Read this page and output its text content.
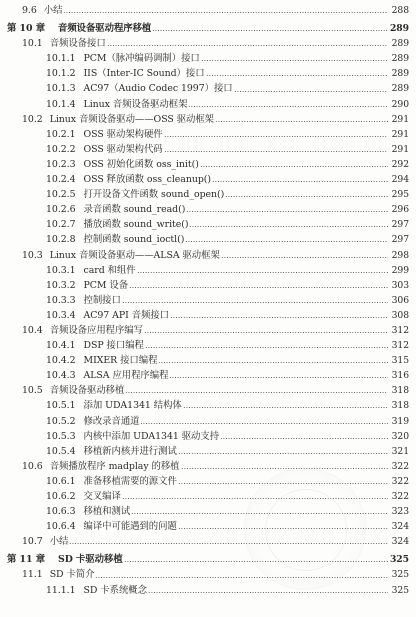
9.6 小结	288
第 10 章	音频设备驱动程序移植	289
10.1 音频设备接口	289
10.1.1 PCM（脉冲编码调制）接口	289
10.1.2 IIS（Inter-IC Sound）接口	289
10.1.3 AC97（Audio Codec 1997）接口	289
10.1.4 Linux 音频设备驱动框架	290
10.2 Linux 音频设备驱动——OSS 驱动框架	291
10.2.1 OSS 驱动架构硬件	291
10.2.2 OSS 驱动架构代码	291
10.2.3 OSS 初始化函数 oss_init()	292
10.2.4 OSS 释放函数 oss_cleanup()	294
10.2.5 打开设备文件函数 sound_open()	295
10.2.6 录音函数 sound_read()	296
10.2.7 播放函数 sound_write()	297
10.2.8 控制函数 sound_ioctl()	297
10.3 Linux 音频设备驱动——ALSA 驱动框架	298
10.3.1 card 和组件	299
10.3.2 PCM 设备	303
10.3.3 控制接口	306
10.3.4 AC97 API 音频接口	308
10.4 音频设备应用程序编写	312
10.4.1 DSP 接口编程	312
10.4.2 MIXER 接口编程	315
10.4.3 ALSA 应用程序编程	316
10.5 音频设备驱动移植	318
10.5.1 添加 UDA1341 结构体	318
10.5.2 修改录音通道	319
10.5.3 内核中添加 UDA1341 驱动支持	320
10.5.4 移植新内核并进行测试	321
10.6 音频播放程序 madplay 的移植	322
10.6.1 准备移植需要的源文件	322
10.6.2 交叉编译	322
10.6.3 移植和测试	323
10.6.4 编译中可能遇到的问题	324
10.7 小结	324
第 11 章	SD 卡驱动移植	325
11.1 SD 卡简介	325
11.1.1 SD 卡系统概念	325
